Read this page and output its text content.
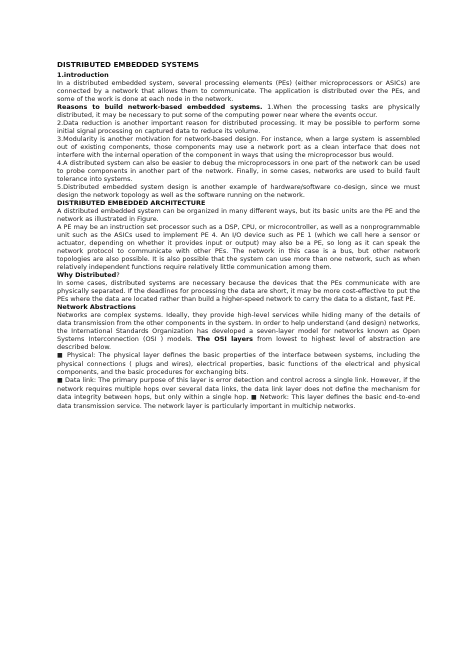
DISTRIBUTED EMBEDDED SYSTEMS
1.introduction

In a distributed embedded system, several processing elements (PEs) (either microprocessors or ASICs) are connected by a network that allows them to communicate. The application is distributed over the PEs, and some of the work is done at each node in the network.

Reasons to build network-based embedded systems. 1.When the processing tasks are physically distributed, it may be necessary to put some of the computing power near where the events occur.

2.Data reduction is another important reason for distributed processing. It may be possible to perform some initial signal processing on captured data to reduce its volume.

3.Modularity is another motivation for network-based design. For instance, when a large system is assembled out of existing components, those components may use a network port as a clean interface that does not interfere with the internal operation of the component in ways that using the microprocessor bus would.

4.A distributed system can also be easier to debug the microprocessors in one part of the network can be used to probe components in another part of the network. Finally, in some cases, networks are used to build fault tolerance into systems.

5.Distributed embedded system design is another example of hardware/software co-design, since we must design the network topology as well as the software running on the network.

DISTRIBUTED EMBEDDED ARCHITECTURE

A distributed embedded system can be organized in many different ways, but its basic units are the PE and the network as illustrated in Figure.

A PE may be an instruction set processor such as a DSP, CPU, or microcontroller, as well as a nonprogrammable unit such as the ASICs used to implement PE 4. An I/O device such as PE 1 (which we call here a sensor or actuator, depending on whether it provides input or output) may also be a PE, so long as it can speak the network protocol to communicate with other PEs. The network in this case is a bus, but other network topologies are also possible. It is also possible that the system can use more than one network, such as when relatively independent functions require relatively little communication among them.

Why Distributed?

In some cases, distributed systems are necessary because the devices that the PEs communicate with are physically separated. If the deadlines for processing the data are short, it may be more cost-effective to put the PEs where the data are located rather than build a higher-speed network to carry the data to a distant, fast PE.

Network Abstractions

Networks are complex systems. Ideally, they provide high-level services while hiding many of the details of data transmission from the other components in the system. In order to help understand (and design) networks, the International Standards Organization has developed a seven-layer model for networks known as Open Systems Interconnection (OSI ) models. The OSI layers from lowest to highest level of abstraction are described below.

■ Physical: The physical layer defines the basic properties of the interface between systems, including the physical connections ( plugs and wires), electrical properties, basic functions of the electrical and physical components, and the basic procedures for exchanging bits.

■ Data link: The primary purpose of this layer is error detection and control across a single link. However, if the network requires multiple hops over several data links, the data link layer does not define the mechanism for data integrity between hops, but only within a single hop. ■ Network: This layer defines the basic end-to-end data transmission service. The network layer is particularly important in multichip networks.
